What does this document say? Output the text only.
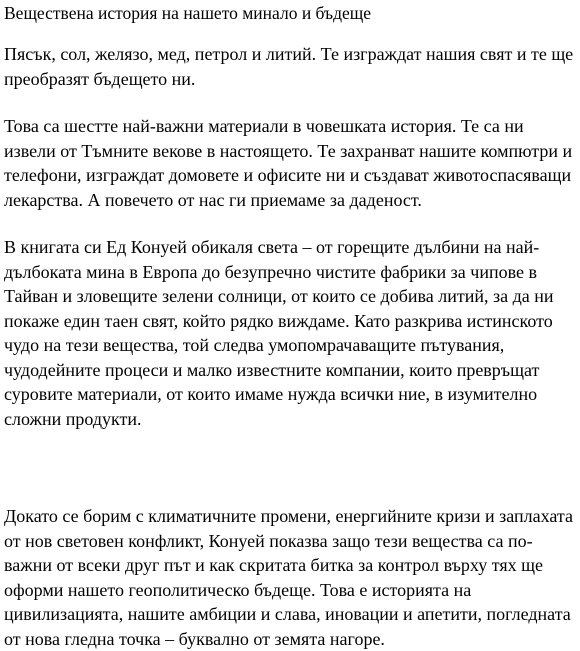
Веществена история на нашето минало и бъдеще

Пясък, сол, желязо, мед, петрол и литий. Те изграждат нашия свят и те ще преобразят бъдещето ни.

Това са шестте най-важни материали в човешката история. Те са ни извели от Тъмните векове в настоящето. Те захранват нашите компютри и телефони, изграждат домовете и офисите ни и създават животоспасяващи лекарства. А повечето от нас ги приемаме за даденост.

В книгата си Ед Конуей обикаля света – от горещите дълбини на най-дълбоката мина в Европа до безупречно чистите фабрики за чипове в Тайван и зловещите зелени солници, от които се добива литий, за да ни покаже един таен свят, който рядко виждаме. Като разкрива истинското чудо на тези вещества, той следва умопомрачаващите пътувания, чудодейните процеси и малко известните компании, които превръщат суровите материали, от които имаме нужда всички ние, в изумително сложни продукти.

Докато се борим с климатичните промени, енергийните кризи и заплахата от нов световен конфликт, Конуей показва защо тези вещества са по-важни от всеки друг път и как скритата битка за контрол върху тях ще оформи нашето геополитическо бъдеще. Това е историята на цивилизацията, нашите амбиции и слава, иновации и апетити, погледната от нова гледна точка – буквално от земята нагоре.
